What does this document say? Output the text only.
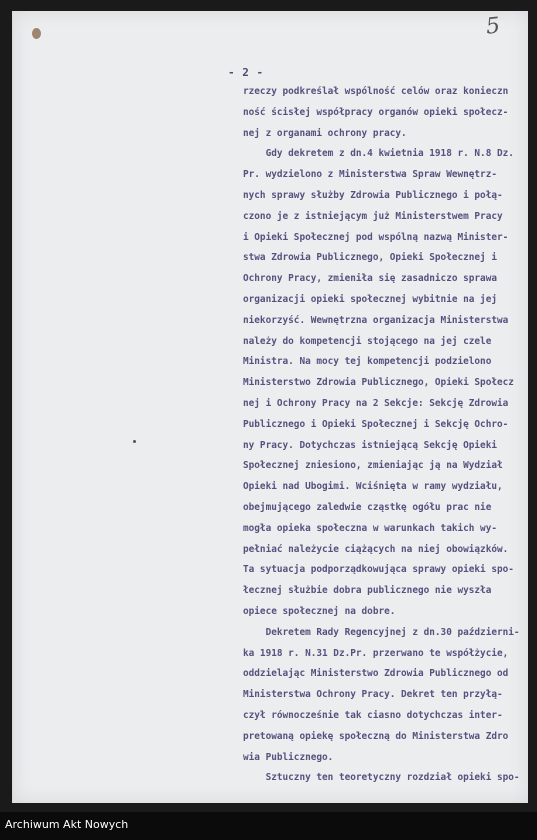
5
- 2 -
rzeczy podkreślał wspólność celów oraz konieczn
ność ścisłej współpracy organów opieki społecz-
nej z organami ochrony pracy.
Gdy dekretem z dn.4 kwietnia 1918 r. N.8 Dz.
Pr. wydzielono z Ministerstwa Spraw Wewnętrz-
nych sprawy służby Zdrowia Publicznego i połą-
czono je z istniejącym już Ministerstwem Pracy
i Opieki Społecznej pod wspólną nazwą Minister-
stwa Zdrowia Publicznego, Opieki Społecznej i
Ochrony Pracy, zmieniła się zasadniczo sprawa
organizacji opieki społecznej wybitnie na jej
niekorzyść. Wewnętrzna organizacja Ministerstwa
należy do kompetencji stojącego na jej czele
Ministra. Na mocy tej kompetencji podzielono
Ministerstwo Zdrowia Publicznego, Opieki Społecz
nej i Ochrony Pracy na 2 Sekcje: Sekcję Zdrowia
Publicznego i Opieki Społecznej i Sekcję Ochro-
ny Pracy. Dotychczas istniejącą Sekcję Opieki
Społecznej zniesiono, zmieniając ją na Wydział
Opieki nad Ubogimi. Wciśnięta w ramy wydziału,
obejmującego zaledwie cząstkę ogółu prac nie
mogła opieka społeczna w warunkach takich wy-
pełniać należycie ciążących na niej obowiązków.
Ta sytuacja podporządkowująca sprawy opieki spo-
łecznej służbie dobra publicznego nie wyszła
opiece społecznej na dobre.
Dekretem Rady Regencyjnej z dn.30 październi-
ka 1918 r. N.31 Dz.Pr. przerwano te współżycie,
oddzielając Ministerstwo Zdrowia Publicznego od
Ministerstwa Ochrony Pracy. Dekret ten przyłą-
czył równocześnie tak ciasno dotychczas inter-
pretowaną opiekę społeczną do Ministerstwa Zdro
wia Publicznego.
Sztuczny ten teoretyczny rozdział opieki spo-
Archiwum Akt Nowych
